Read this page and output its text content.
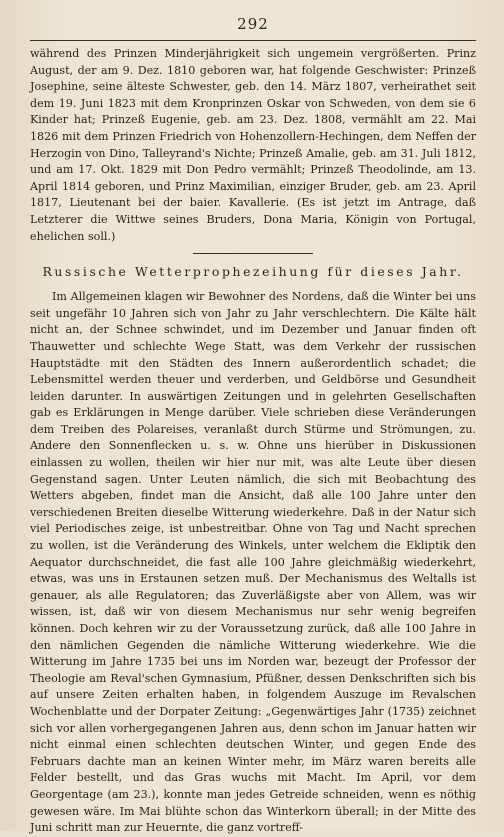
292

während des Prinzen Minderjährigkeit sich ungemein vergrößerten. Prinz August, der am 9. Dez. 1810 geboren war, hat folgende Geschwister: Prinzeß Josephine, seine älteste Schwester, geb. den 14. März 1807, verheirathet seit dem 19. Juni 1823 mit dem Kronprinzen Oskar von Schweden, von dem sie 6 Kinder hat; Prinzeß Eugenie, geb. am 23. Dez. 1808, vermählt am 22. Mai 1826 mit dem Prinzen Friedrich von Hohenzollern-Hechingen, dem Neffen der Herzogin von Dino, Talleyrand's Nichte; Prinzeß Amalie, geb. am 31. Juli 1812, und am 17. Okt. 1829 mit Don Pedro vermählt; Prinzeß Theodolinde, am 13. April 1814 geboren, und Prinz Maximilian, einziger Bruder, geb. am 23. April 1817, Lieutenant bei der baier. Kavallerie. (Es ist jetzt im Antrage, daß Letzterer die Wittwe seines Bruders, Dona Maria, Königin von Portugal, ehelichen soll.)

Russische Wetterprophezeihung für dieses Jahr.

Im Allgemeinen klagen wir Bewohner des Nordens, daß die Winter bei uns seit ungefähr 10 Jahren sich von Jahr zu Jahr verschlechtern. Die Kälte hält nicht an, der Schnee schwindet, und im Dezember und Januar finden oft Thauwetter und schlechte Wege Statt, was dem Verkehr der russischen Hauptstädte mit den Städten des Innern außerordentlich schadet; die Lebensmittel werden theuer und verderben, und Geldbörse und Gesundheit leiden darunter. In auswärtigen Zeitungen und in gelehrten Gesellschaften gab es Erklärungen in Menge darüber. Viele schrieben diese Veränderungen dem Treiben des Polareises, veranlaßt durch Stürme und Strömungen, zu. Andere den Sonnenflecken u. s. w. Ohne uns hierüber in Diskussionen einlassen zu wollen, theilen wir hier nur mit, was alte Leute über diesen Gegenstand sagen. Unter Leuten nämlich, die sich mit Beobachtung des Wetters abgeben, findet man die Ansicht, daß alle 100 Jahre unter den verschiedenen Breiten dieselbe Witterung wiederkehre. Daß in der Natur sich viel Periodisches zeige, ist unbestreitbar. Ohne von Tag und Nacht sprechen zu wollen, ist die Veränderung des Winkels, unter welchem die Ekliptik den Aequator durchschneidet, die fast alle 100 Jahre gleichmäßig wiederkehrt, etwas, was uns in Erstaunen setzen muß. Der Mechanismus des Weltalls ist genauer, als alle Regulatoren; das Zuverläßigste aber von Allem, was wir wissen, ist, daß wir von diesem Mechanismus nur sehr wenig begreifen können. Doch kehren wir zu der Voraussetzung zurück, daß alle 100 Jahre in den nämlichen Gegenden die nämliche Witterung wiederkehre. Wie die Witterung im Jahre 1735 bei uns im Norden war, bezeugt der Professor der Theologie am Reval'schen Gymnasium, Pfüßner, dessen Denkschriften sich bis auf unsere Zeiten erhalten haben, in folgendem Auszuge im Revalschen Wochenblatte und der Dorpater Zeitung: „Gegenwärtiges Jahr (1735) zeichnet sich vor allen vorhergegangenen Jahren aus, denn schon im Januar hatten wir nicht einmal einen schlechten deutschen Winter, und gegen Ende des Februars dachte man an keinen Winter mehr, im März waren bereits alle Felder bestellt, und das Gras wuchs mit Macht. Im April, vor dem Georgentage (am 23.), konnte man jedes Getreide schneiden, wenn es nöthig gewesen wäre. Im Mai blühte schon das Winterkorn überall; in der Mitte des Juni schritt man zur Heuernte, die ganz vortreff-
